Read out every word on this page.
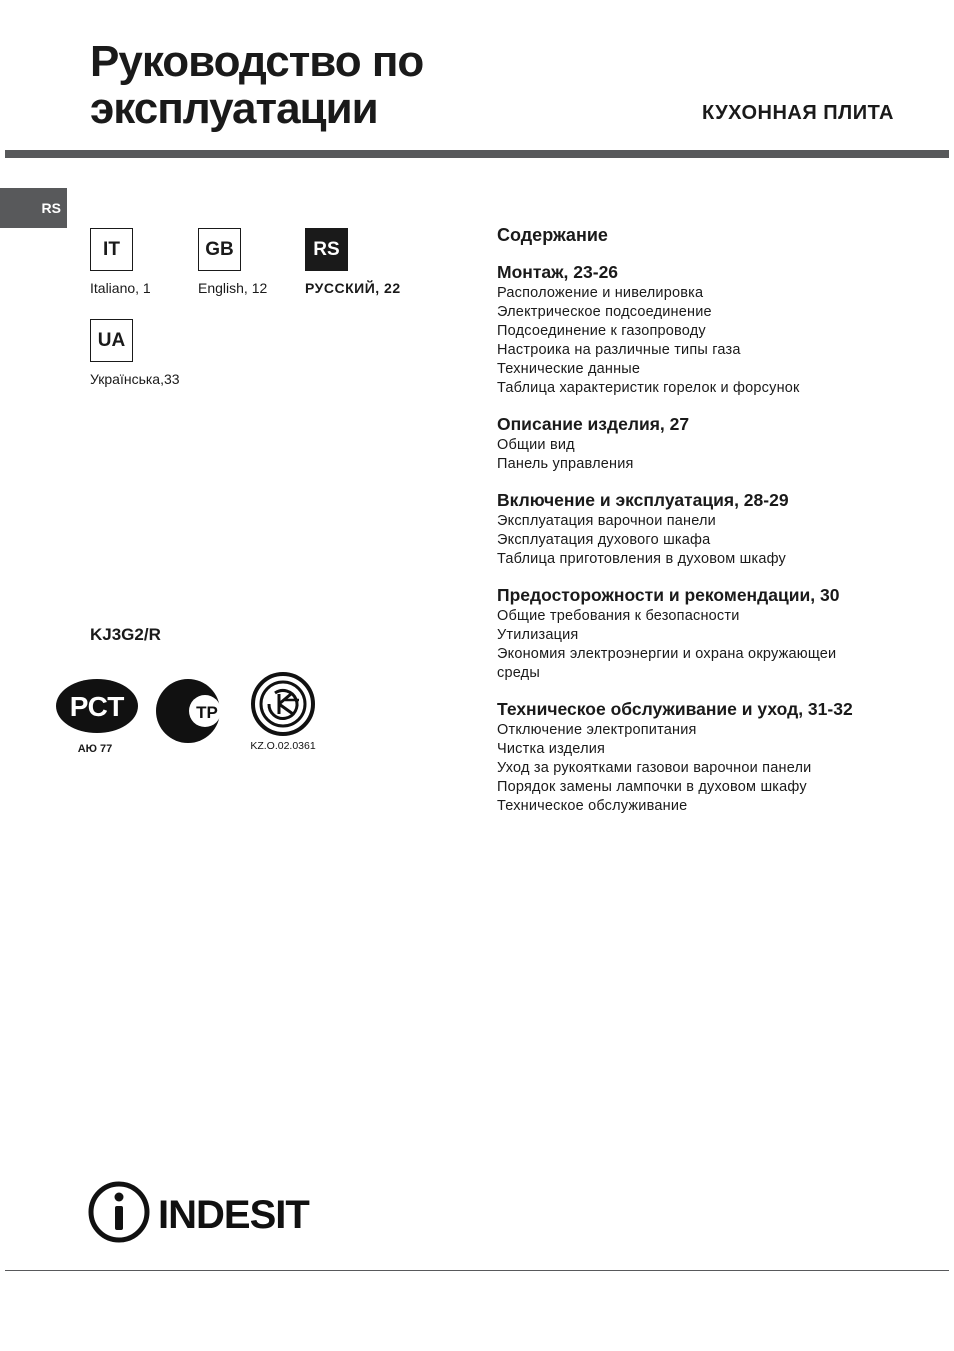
Руководство по
эксплуатации	КУХОННАЯ ПЛИТА
RS
IT
Italiano, 1
GB
English, 12
RS
РУССКИЙ, 22
UA
Українська,33
KJ3G2/R
РСТ
АЮ 77
ТР
KZ.O.02.0361
Содержание
Монтаж, 23-26
Расположение и нивелировка
Электрическое подсоединение
Подсоединение к газопроводу
Настроика на различные типы газа
Технические данные
Таблица характеристик горелок и форсунок
Описание изделия, 27
Общии вид
Панель управления
Включение и эксплуатация, 28-29
Эксплуатация варочнои панели
Эксплуатация духового шкафа
Таблица приготовления в духовом шкафу
Предосторожности и рекомендации, 30
Общие требования к безопасности
Утилизация
Экономия электроэнергии и охрана окружающеи
среды
Техническое обслуживание и уход, 31-32
Отключение электропитания
Чистка изделия
Уход за рукоятками газовои варочнои панели
Порядок замены лампочки в духовом шкафу
Техническое обслуживание
INDESIT
